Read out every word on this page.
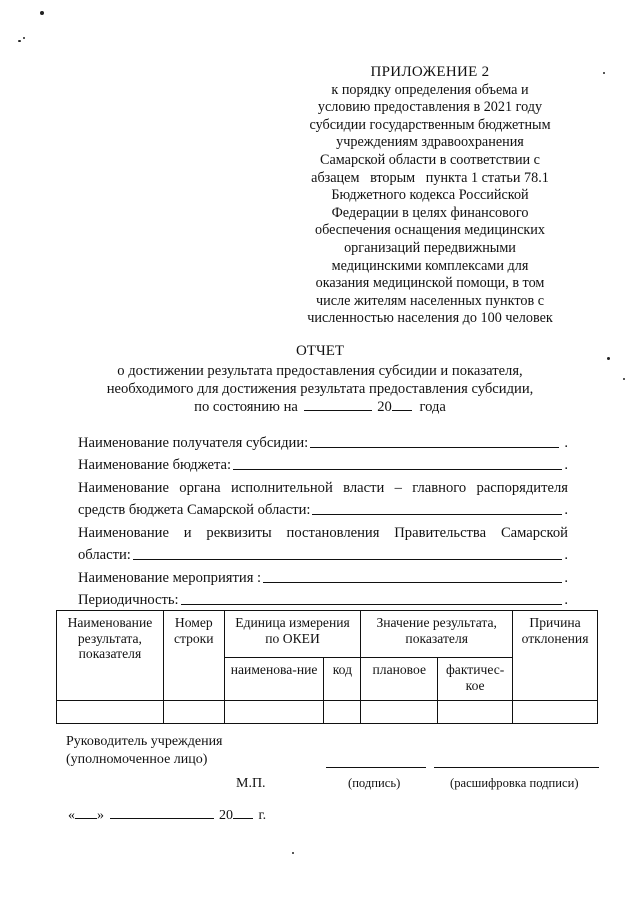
ПРИЛОЖЕНИЕ 2
к порядку определения объема и
условию предоставления в 2021 году
субсидии государственным бюджетным
учреждениям здравоохранения
Самарской области в соответствии с
абзацем   вторым   пункта 1 статьи 78.1
Бюджетного кодекса Российской
Федерации в целях финансового
обеспечения оснащения медицинских
организаций передвижными
медицинскими комплексами для
оказания медицинской помощи, в том
числе жителям населенных пунктов с
численностью населения до 100 человек
ОТЧЕТ
о достижении результата предоставления субсидии и показателя,
необходимого для достижения результата предоставления субсидии,
по состоянию на	20 года
Наименование получателя субсидии:	.
Наименование бюджета:	.
Наименование органа исполнительной власти – главного распорядителя
средств бюджета Самарской области:	.
Наименование и реквизиты постановления Правительства Самарской
области:	.
Наименование мероприятия :	.
Периодичность:	.
Наименование результата, показателя	Номер строки	Единица измерения по ОКЕИ		Значение результата, показателя		Причина отклонения
		наименова-ние	код	плановое	фактичес-кое	

Руководитель учреждения
(уполномоченное лицо)
М.П.	(подпись)	(расшифровка подписи)
« »	20 г.
